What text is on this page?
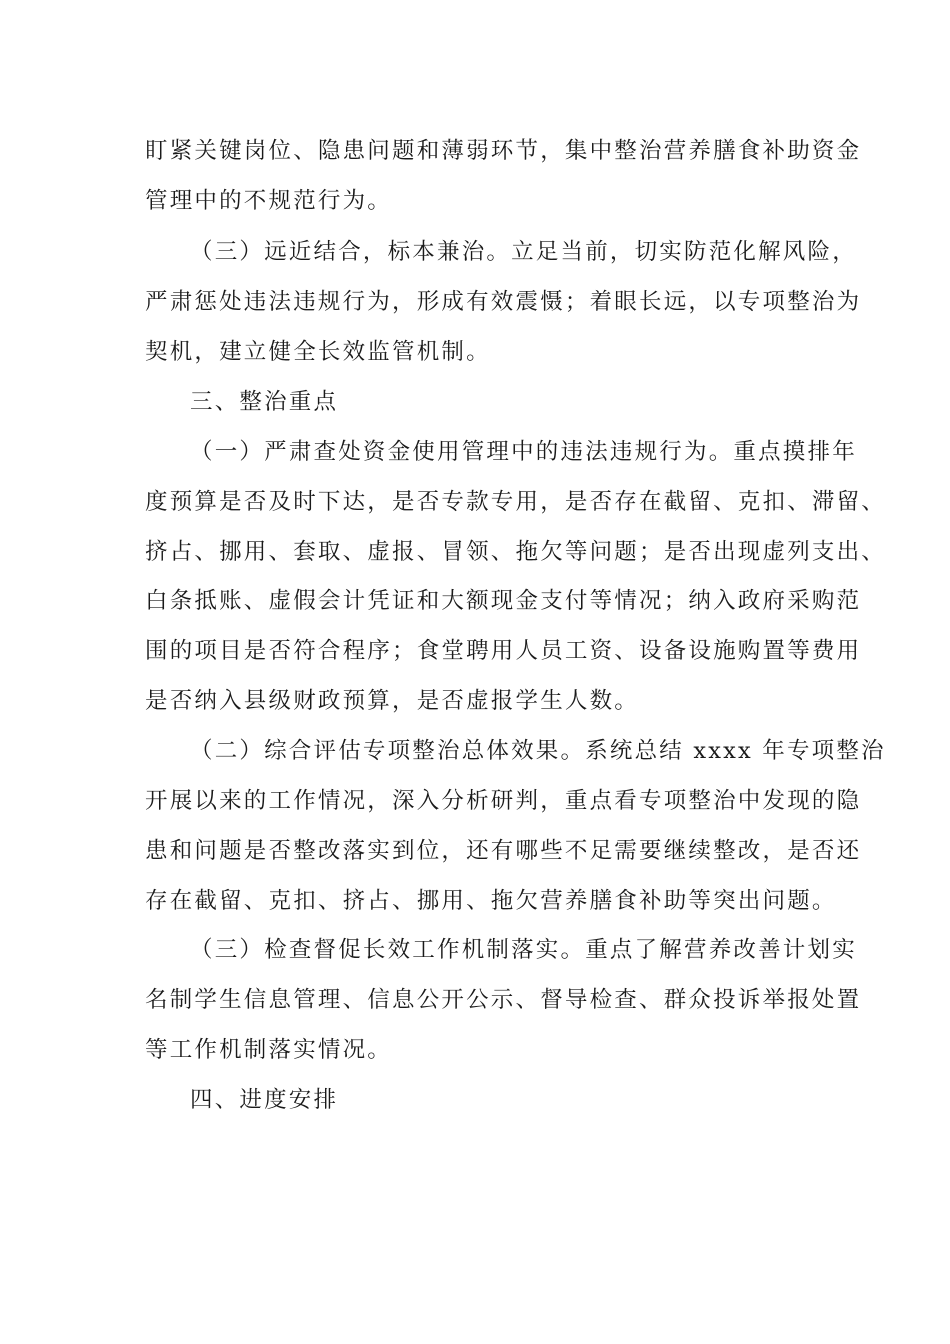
盯紧关键岗位、隐患问题和薄弱环节，集中整治营养膳食补助资金
管理中的不规范行为。
（三）远近结合，标本兼治。立足当前，切实防范化解风险，
严肃惩处违法违规行为，形成有效震慑；着眼长远，以专项整治为
契机，建立健全长效监管机制。
三、整治重点
（一）严肃查处资金使用管理中的违法违规行为。重点摸排年
度预算是否及时下达，是否专款专用，是否存在截留、克扣、滞留、
挤占、挪用、套取、虚报、冒领、拖欠等问题；是否出现虚列支出、
白条抵账、虚假会计凭证和大额现金支付等情况；纳入政府采购范
围的项目是否符合程序；食堂聘用人员工资、设备设施购置等费用
是否纳入县级财政预算，是否虚报学生人数。
（二）综合评估专项整治总体效果。系统总结 xxxx 年专项整治
开展以来的工作情况，深入分析研判，重点看专项整治中发现的隐
患和问题是否整改落实到位，还有哪些不足需要继续整改，是否还
存在截留、克扣、挤占、挪用、拖欠营养膳食补助等突出问题。
（三）检查督促长效工作机制落实。重点了解营养改善计划实
名制学生信息管理、信息公开公示、督导检查、群众投诉举报处置
等工作机制落实情况。
四、进度安排
